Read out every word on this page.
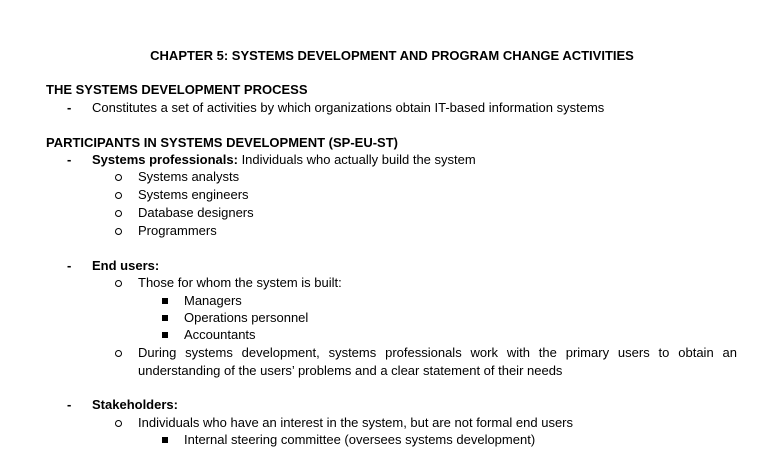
CHAPTER 5: SYSTEMS DEVELOPMENT AND PROGRAM CHANGE ACTIVITIES
THE SYSTEMS DEVELOPMENT PROCESS
-	Constitutes a set of activities by which organizations obtain IT-based information systems
PARTICIPANTS IN SYSTEMS DEVELOPMENT (SP-EU-ST)
-	Systems professionals: Individuals who actually build the system
Systems analysts
Systems engineers
Database designers
Programmers
-	End users:
Those for whom the system is built:
Managers
Operations personnel
Accountants
During systems development, systems professionals work with the primary users to obtain an
understanding of the users’ problems and a clear statement of their needs
-	Stakeholders:
Individuals who have an interest in the system, but are not formal end users
Internal steering committee (oversees systems development)
